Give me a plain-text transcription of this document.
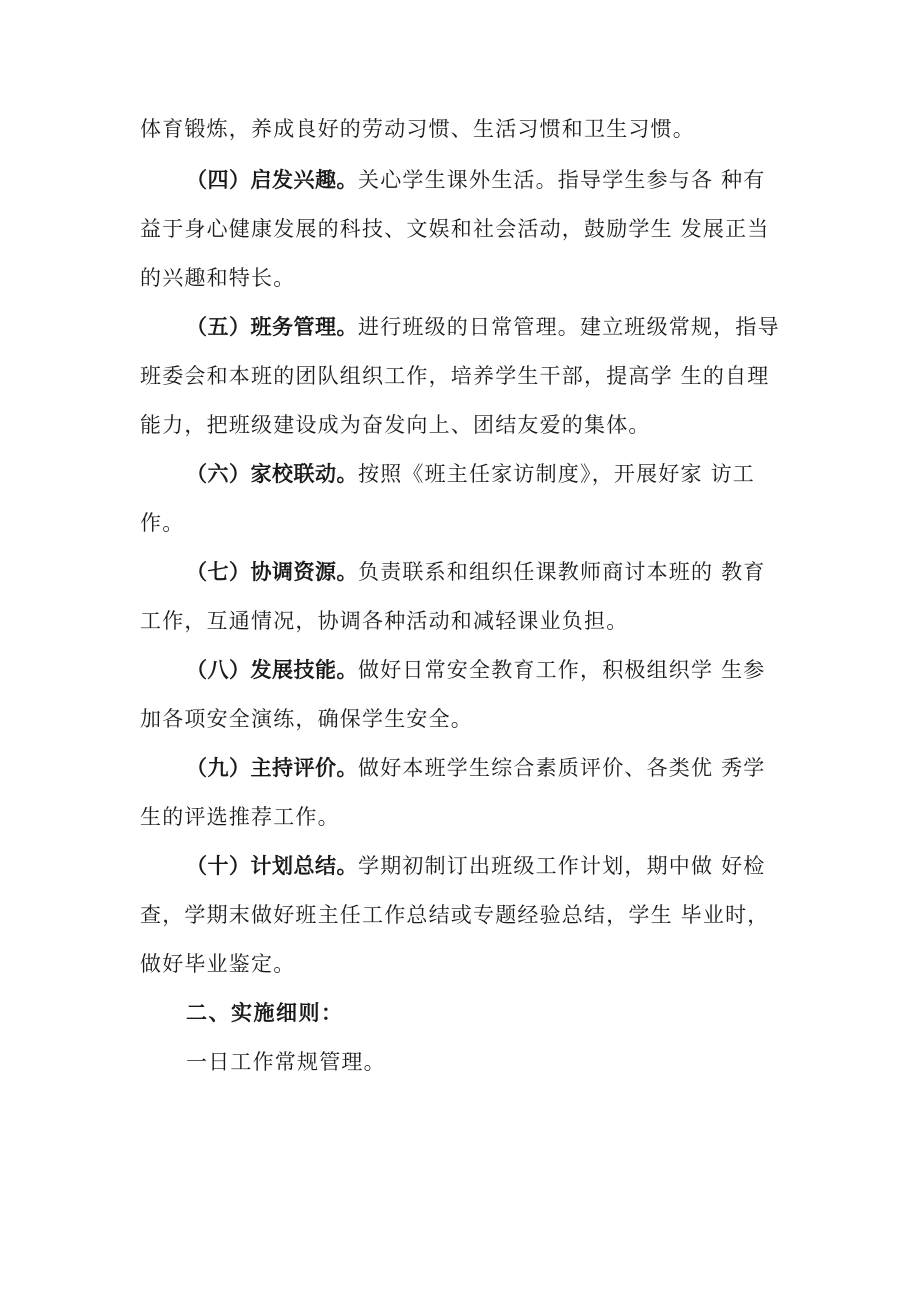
体育锻炼，养成良好的劳动习惯、生活习惯和卫生习惯。

（四）启发兴趣。关心学生课外生活。指导学生参与各 种有益于身心健康发展的科技、文娱和社会活动，鼓励学生 发展正当的兴趣和特长。

（五）班务管理。进行班级的日常管理。建立班级常规，指导班委会和本班的团队组织工作，培养学生干部，提高学 生的自理能力，把班级建设成为奋发向上、团结友爱的集体。

（六）家校联动。按照《班主任家访制度》，开展好家 访工作。

（七）协调资源。负责联系和组织任课教师商讨本班的 教育工作，互通情况，协调各种活动和减轻课业负担。

（八）发展技能。做好日常安全教育工作，积极组织学 生参加各项安全演练，确保学生安全。

（九）主持评价。做好本班学生综合素质评价、各类优 秀学生的评选推荐工作。

（十）计划总结。学期初制订出班级工作计划，期中做 好检查，学期末做好班主任工作总结或专题经验总结，学生 毕业时，做好毕业鉴定。

二、实施细则：

一日工作常规管理。
